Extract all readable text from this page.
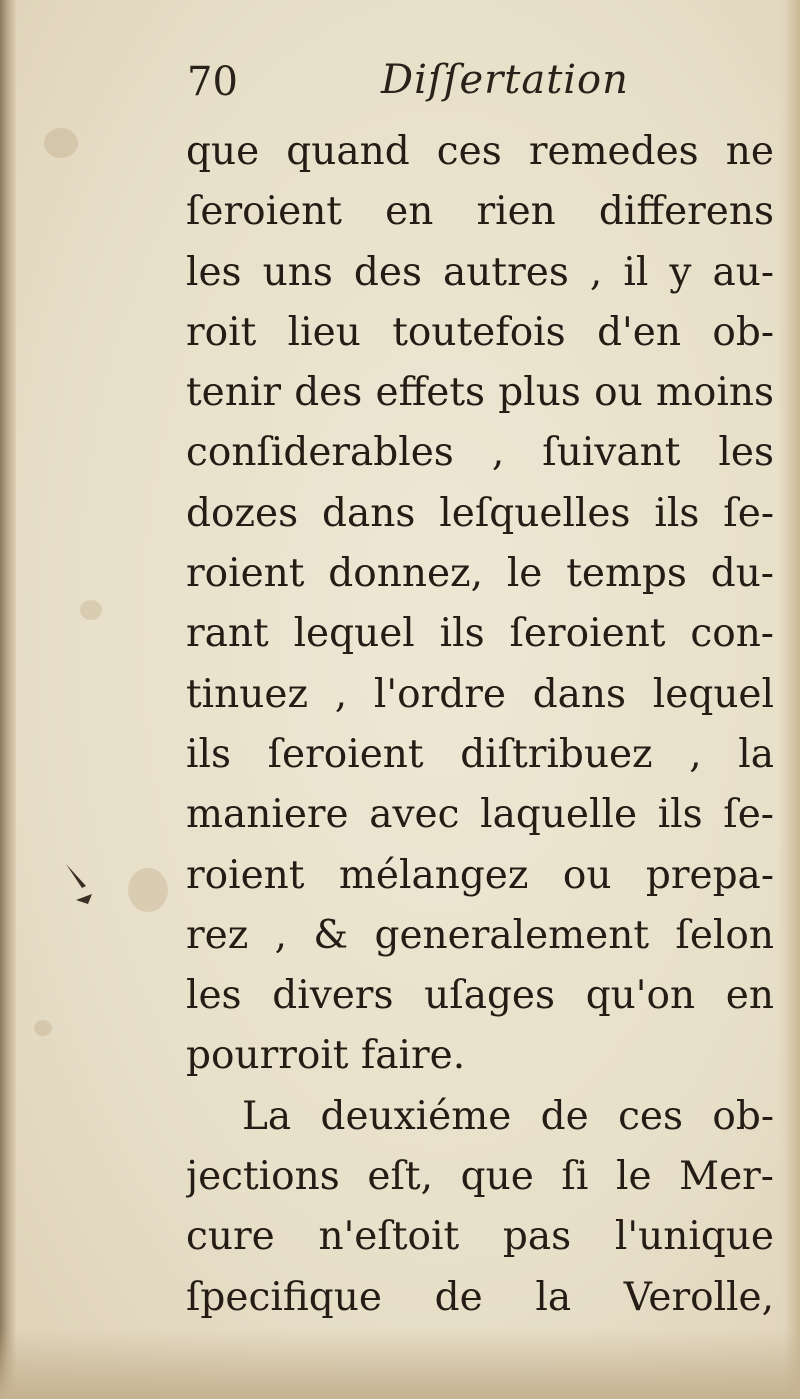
70	Diſſertation
que quand ces remedes ne
ſeroient en rien differens
les uns des autres , il y au-
roit lieu toutefois d'en ob-
tenir des effets plus ou moins
conſiderables , ſuivant les
dozes dans leſquelles ils ſe-
roient donnez, le temps du-
rant lequel ils ſeroient con-
tinuez , l'ordre dans lequel
ils ſeroient diſtribuez , la
maniere avec laquelle ils ſe-
roient mélangez ou prepa-
rez , & generalement ſelon
les divers uſages qu'on en
pourroit faire.
La deuxiéme de ces ob-
jections eſt, que ſi le Mer-
cure n'eſtoit pas l'unique
ſpecifique de la Verolle,
